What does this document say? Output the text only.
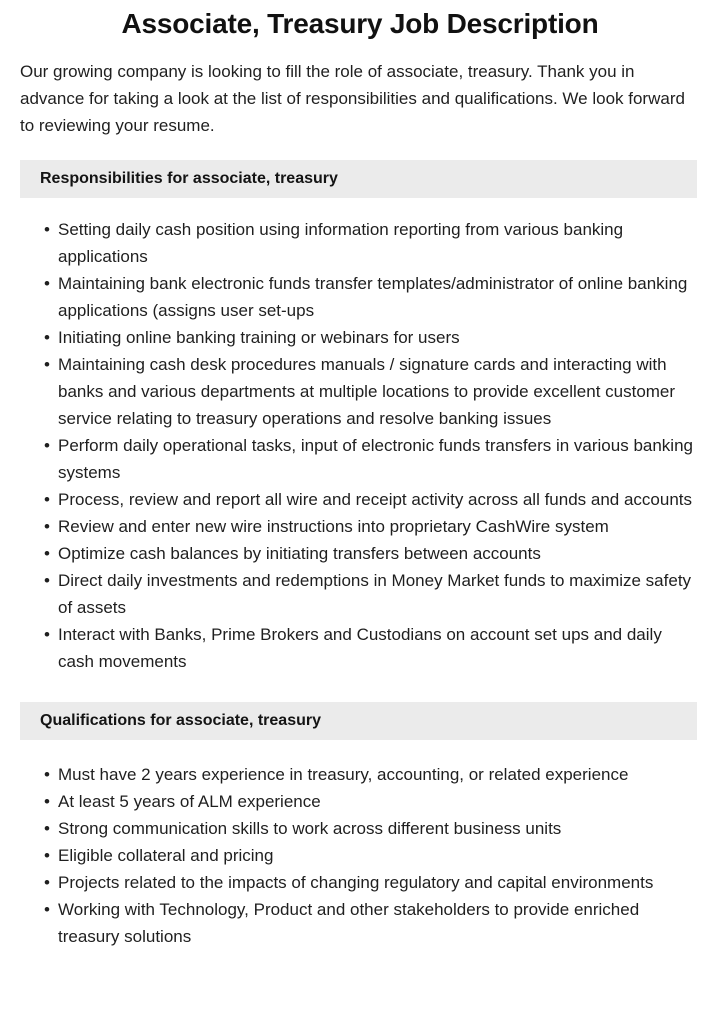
Associate, Treasury Job Description

Our growing company is looking to fill the role of associate, treasury. Thank you in advance for taking a look at the list of responsibilities and qualifications. We look forward to reviewing your resume.

Responsibilities for associate, treasury
• Setting daily cash position using information reporting from various banking applications
• Maintaining bank electronic funds transfer templates/administrator of online banking applications (assigns user set-ups
• Initiating online banking training or webinars for users
• Maintaining cash desk procedures manuals / signature cards and interacting with banks and various departments at multiple locations to provide excellent customer service relating to treasury operations and resolve banking issues
• Perform daily operational tasks, input of electronic funds transfers in various banking systems
• Process, review and report all wire and receipt activity across all funds and accounts
• Review and enter new wire instructions into proprietary CashWire system
• Optimize cash balances by initiating transfers between accounts
• Direct daily investments and redemptions in Money Market funds to maximize safety of assets
• Interact with Banks, Prime Brokers and Custodians on account set ups and daily cash movements
Qualifications for associate, treasury
• Must have 2 years experience in treasury, accounting, or related experience
• At least 5 years of ALM experience
• Strong communication skills to work across different business units
• Eligible collateral and pricing
• Projects related to the impacts of changing regulatory and capital environments
• Working with Technology, Product and other stakeholders to provide enriched treasury solutions
